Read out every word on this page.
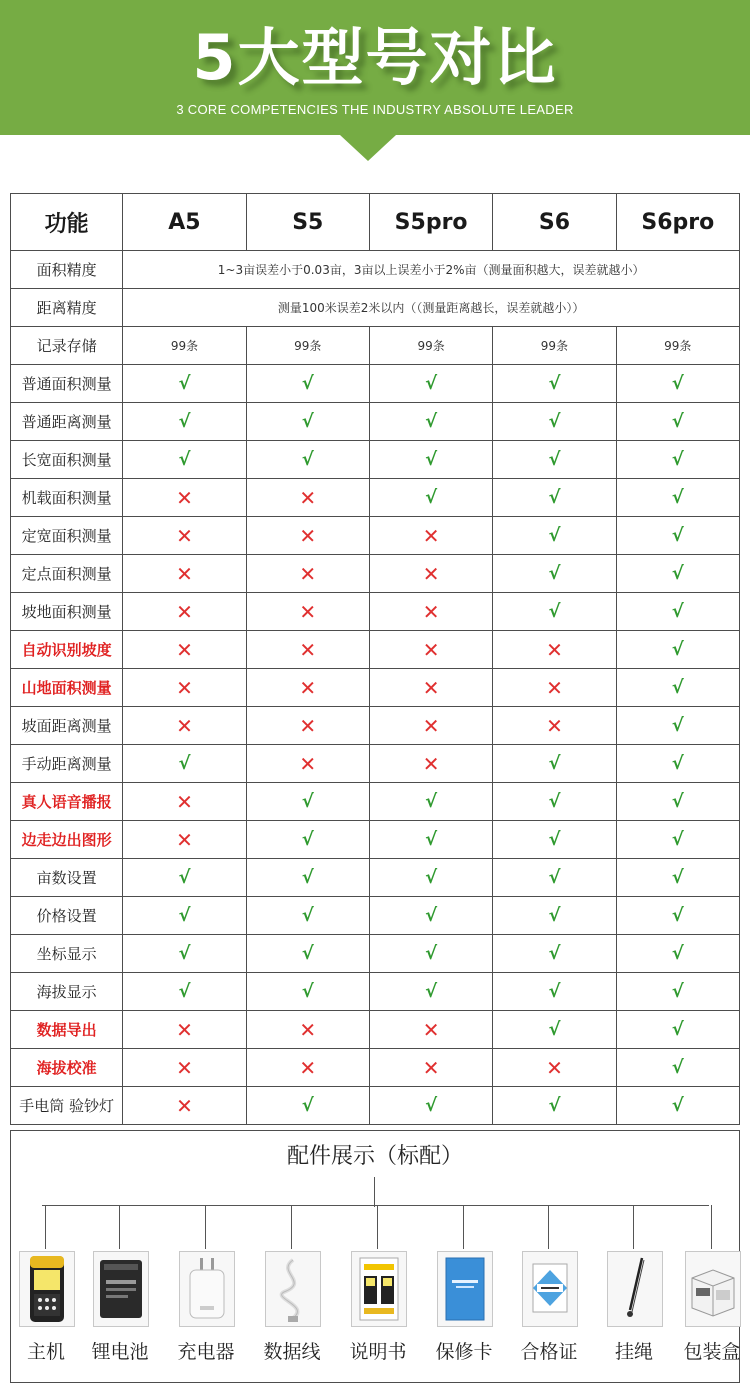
5大型号对比
3 CORE COMPETENCIES THE INDUSTRY ABSOLUTE LEADER
功能	A5	S5	S5pro	S6	S6pro
面积精度	1~3亩误差小于0.03亩，3亩以上误差小于2%亩（测量面积越大，误差就越小）				
距离精度	测量100米误差2米以内（（测量距离越长，误差就越小））				
记录存储	99条	99条	99条	99条	99条
普通面积测量	√	√	√	√	√
普通距离测量	√	√	√	√	√
长宽面积测量	√	√	√	√	√
机载面积测量	✕	✕	√	√	√
定宽面积测量	✕	✕	✕	√	√
定点面积测量	✕	✕	✕	√	√
坡地面积测量	✕	✕	✕	√	√
自动识别坡度	✕	✕	✕	✕	√
山地面积测量	✕	✕	✕	✕	√
坡面距离测量	✕	✕	✕	✕	√
手动距离测量	√	✕	✕	√	√
真人语音播报	✕	√	√	√	√
边走边出图形	✕	√	√	√	√
亩数设置	√	√	√	√	√
价格设置	√	√	√	√	√
坐标显示	√	√	√	√	√
海拔显示	√	√	√	√	√
数据导出	✕	✕	✕	√	√
海拔校准	✕	✕	✕	✕	√
手电筒 验钞灯	✕	√	√	√	√
配件展示（标配）
主机	锂电池	充电器	数据线	说明书	保修卡	合格证	挂绳	包装盒
